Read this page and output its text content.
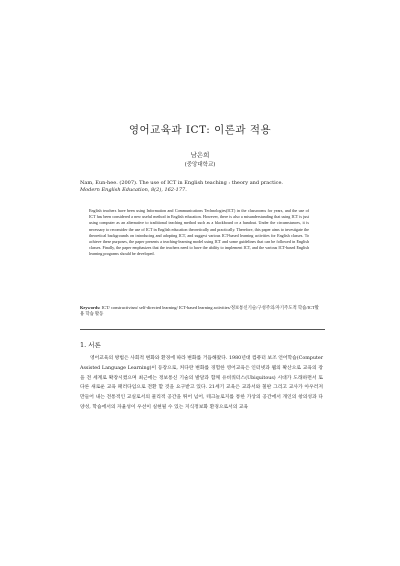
영어교육과 ICT: 이론과 적용
남은희
(중앙대학교)
Nam, Eun-hee. (2007). The use of ICT in English teaching : theory and practice.
Modern English Education, 8(2), 162-177.
English teachers have been using Information and Communications Technologies(ICT) in the classrooms for years, and the use of ICT has been considered a new useful method in English education. However, there is also a misunderstanding that using ICT is just using computer as an alternative to traditional teaching method such as a blackboard or a handout. Under the circumstances, it is necessary to reconsider the use of ICT in English education theoretically and practically. Therefore, this paper aims to investigate the theoretical backgrounds on introducing and adopting ICT, and suggest various ICT-based learning activities for English classes. To achieve these purposes, the paper presents a teaching-learning model using ICT and some guidelines that can be followed in English classes. Finally, the paper emphasizes that the teachers need to have the ability to implement ICT, and the various ICT-based English learning programs should be developed.
Keywords: ICT/ constructivism/ self-directed learning/ ICT-based learning activities/정보통신기술/구성주의/자기주도적 학습/ICT활용 학습 활동
1. 서론
영어교육의 방법은 사회적 변화와 환경에 따라 변화를 거듭해왔다. 1980년대 컴퓨터 보조 언어학습(Computer Assisted Language Learning)이 등장으로, 커다란 변화를 경험한 영어교육은 인터넷과 웹의 확산으로 교육의 장을 전 세계로 확장시켰으며 최근에는 정보통신 기술의 발달과 함께 유비쿼터스(Ubiquitous) 시대가 도래하면서 또 다른 새로운 교육 패러다임으로 전환 할 것을 요구받고 있다. 21세기 교육은 교과서와 칠판 그리고 교사가 아우러져 만들어 내는 전통적인 교실로서의 물리적 공간을 뛰어 넘어, 테크놀로지를 통한 가상의 공간에서 개인의 창의성과 다양성, 학습에서의 자율성이 우선이 실현될 수 있는 지식정보화 환경으로서의 교육
